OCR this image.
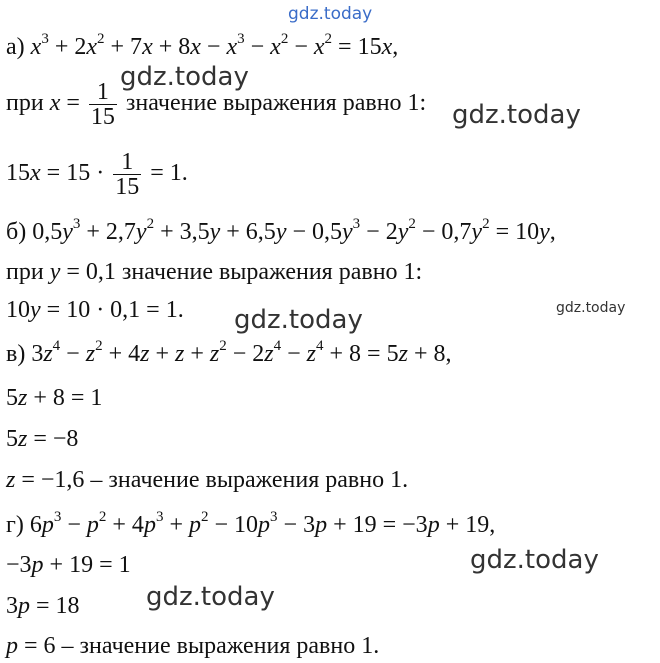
gdz.today
gdz.today
gdz.today
gdz.today	gdz.today
gdz.today
gdz.today
а) $x^3 + 2x^2 + 7x + 8x - x^3 - x^2 - x^2 = 15x$,
при $x = \frac{1}{15}$ значение выражения равно 1:
$15x = 15 \cdot \frac{1}{15} = 1$.
б) $0,5y^3 + 2,7y^2 + 3,5y + 6,5y - 0,5y^3 - 2y^2 - 0,7y^2 = 10y$,
при y = 0,1 значение выражения равно 1:
10y = 10 · 0,1 = 1.
в) $3z^4 - z^2 + 4z + z + z^2 - 2z^4 - z^4 + 8 = 5z + 8$,
5z + 8 = 1
5z = −8
z = −1,6 – значение выражения равно 1.
г) $6p^3 - p^2 + 4p^3 + p^2 - 10p^3 - 3p + 19 = -3p + 19$,
−3p + 19 = 1
3p = 18
p = 6 – значение выражения равно 1.
